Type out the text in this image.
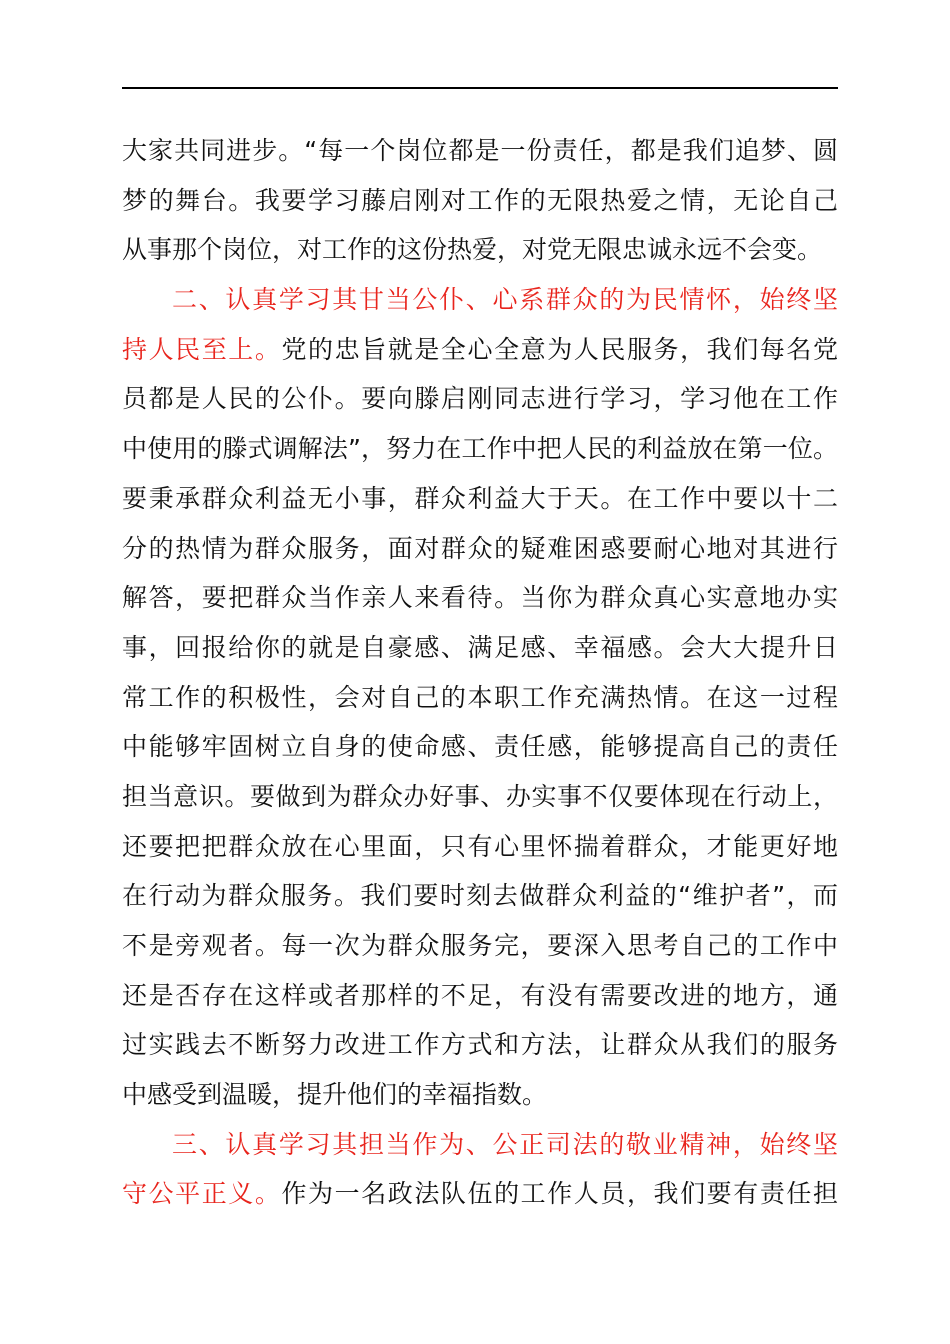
大家共同进步。“每一个岗位都是一份责任，都是我们追梦、圆
梦的舞台。我要学习藤启刚对工作的无限热爱之情，无论自己
从事那个岗位，对工作的这份热爱，对党无限忠诚永远不会变。
二、认真学习其甘当公仆、心系群众的为民情怀，始终坚
持人民至上。党的忠旨就是全心全意为人民服务，我们每名党
员都是人民的公仆。要向滕启刚同志进行学习，学习他在工作
中使用的滕式调解法”，努力在工作中把人民的利益放在第一位。
要秉承群众利益无小事，群众利益大于天。在工作中要以十二
分的热情为群众服务，面对群众的疑难困惑要耐心地对其进行
解答，要把群众当作亲人来看待。当你为群众真心实意地办实
事，回报给你的就是自豪感、满足感、幸福感。会大大提升日
常工作的积极性，会对自己的本职工作充满热情。在这一过程
中能够牢固树立自身的使命感、责任感，能够提高自己的责任
担当意识。要做到为群众办好事、办实事不仅要体现在行动上，
还要把把群众放在心里面，只有心里怀揣着群众，才能更好地
在行动为群众服务。我们要时刻去做群众利益的“维护者”，而
不是旁观者。每一次为群众服务完，要深入思考自己的工作中
还是否存在这样或者那样的不足，有没有需要改进的地方，通
过实践去不断努力改进工作方式和方法，让群众从我们的服务
中感受到温暖，提升他们的幸福指数。
三、认真学习其担当作为、公正司法的敬业精神，始终坚
守公平正义。作为一名政法队伍的工作人员，我们要有责任担
